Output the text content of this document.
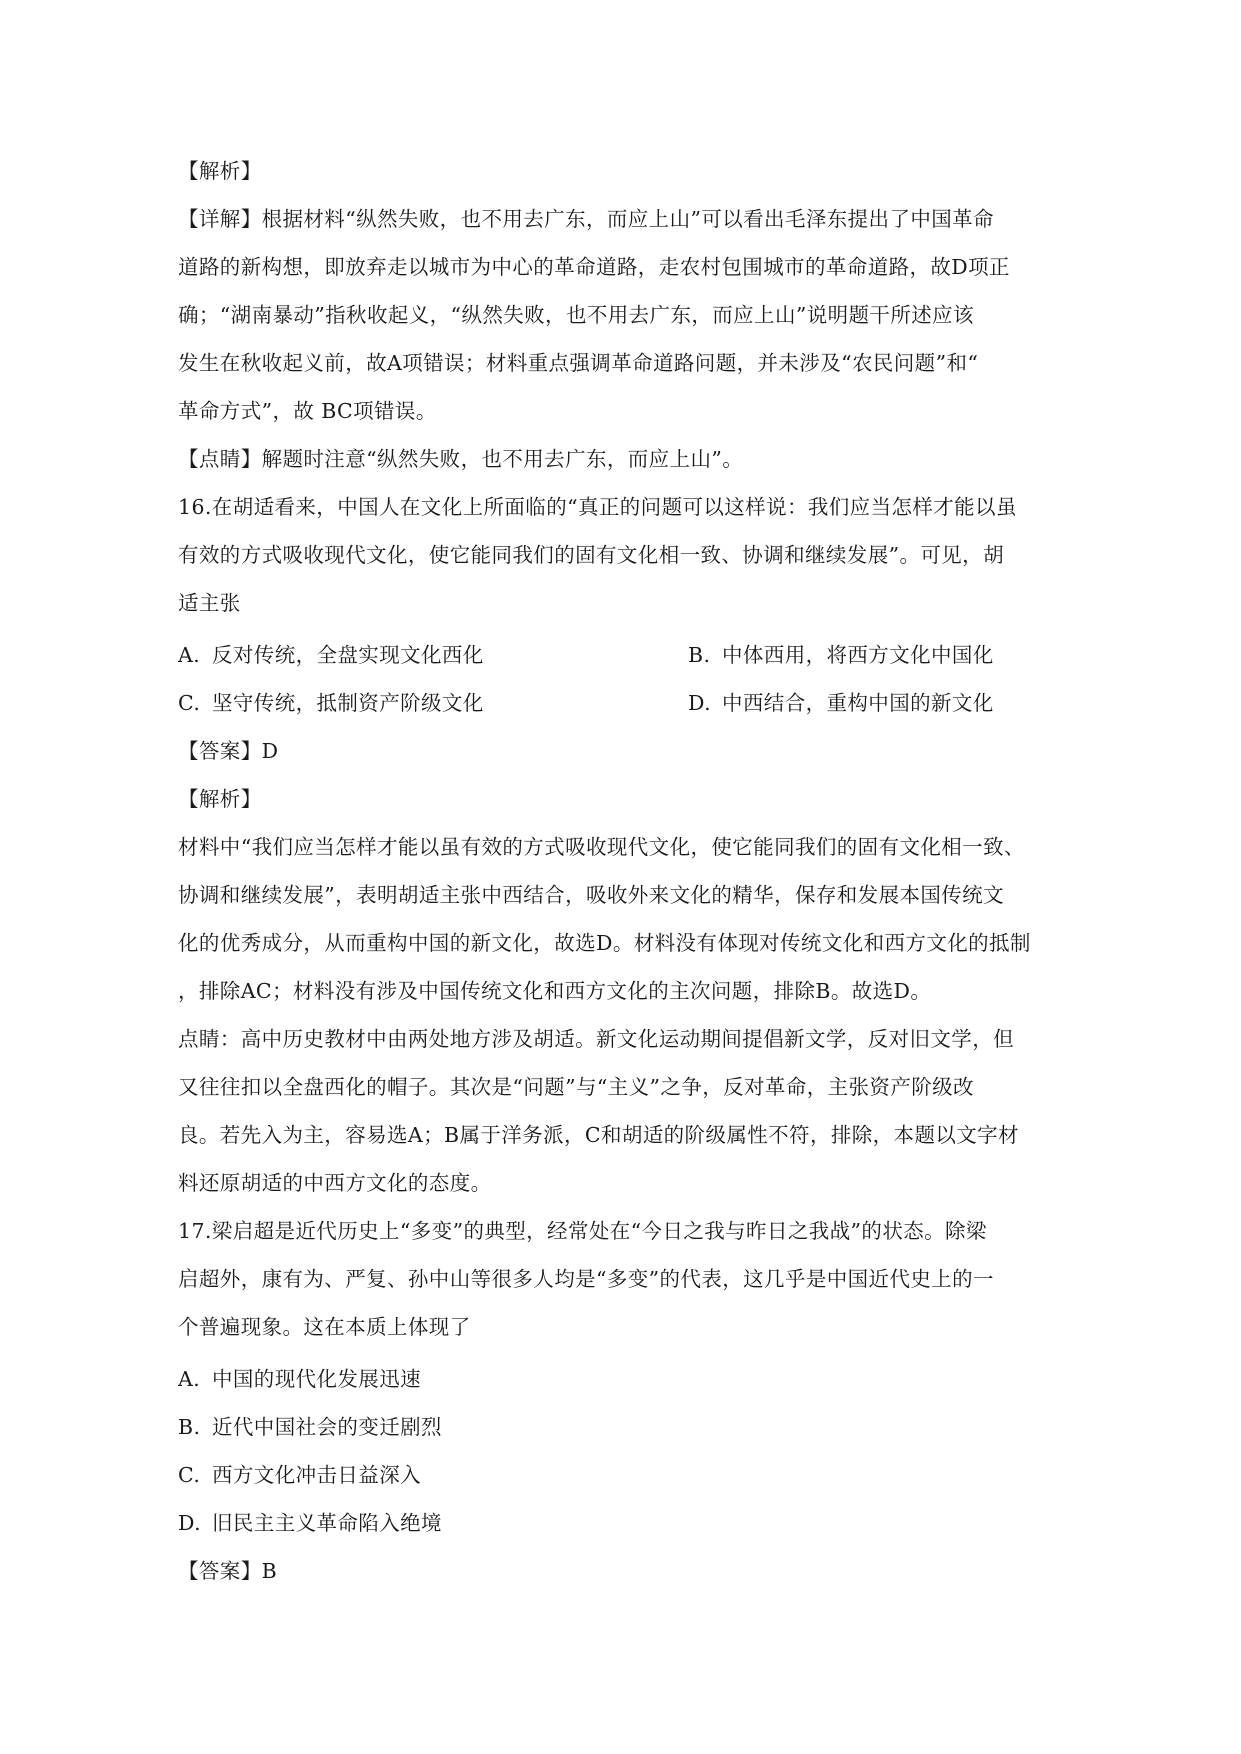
【解析】
【详解】根据材料“纵然失败，也不用去广东，而应上山”可以看出毛泽东提出了中国革命
道路的新构想，即放弃走以城市为中心的革命道路，走农村包围城市的革命道路，故D项正
确；“湖南暴动”指秋收起义，“纵然失败，也不用去广东，而应上山”说明题干所述应该
发生在秋收起义前，故A项错误；材料重点强调革命道路问题，并未涉及“农民问题”和“
革命方式”，故 BC项错误。
【点睛】解题时注意“纵然失败，也不用去广东，而应上山”。
16.在胡适看来，中国人在文化上所面临的“真正的问题可以这样说：我们应当怎样才能以虽
有效的方式吸收现代文化，使它能同我们的固有文化相一致、协调和继续发展”。可见，胡
适主张
A. 反对传统，全盘实现文化西化	B. 中体西用，将西方文化中国化
C. 坚守传统，抵制资产阶级文化	D. 中西结合，重构中国的新文化
【答案】D
【解析】
材料中“我们应当怎样才能以虽有效的方式吸收现代文化，使它能同我们的固有文化相一致、
协调和继续发展”，表明胡适主张中西结合，吸收外来文化的精华，保存和发展本国传统文
化的优秀成分，从而重构中国的新文化，故选D。材料没有体现对传统文化和西方文化的抵制
，排除AC；材料没有涉及中国传统文化和西方文化的主次问题，排除B。故选D。
点睛：高中历史教材中由两处地方涉及胡适。新文化运动期间提倡新文学，反对旧文学，但
又往往扣以全盘西化的帽子。其次是“问题”与“主义”之争，反对革命，主张资产阶级改
良。若先入为主，容易选A；B属于洋务派，C和胡适的阶级属性不符，排除，本题以文字材
料还原胡适的中西方文化的态度。
17.梁启超是近代历史上“多变”的典型，经常处在“今日之我与昨日之我战”的状态。除梁
启超外，康有为、严复、孙中山等很多人均是“多变”的代表，这几乎是中国近代史上的一
个普遍现象。这在本质上体现了
A. 中国的现代化发展迅速
B. 近代中国社会的变迁剧烈
C. 西方文化冲击日益深入
D. 旧民主主义革命陷入绝境
【答案】B
